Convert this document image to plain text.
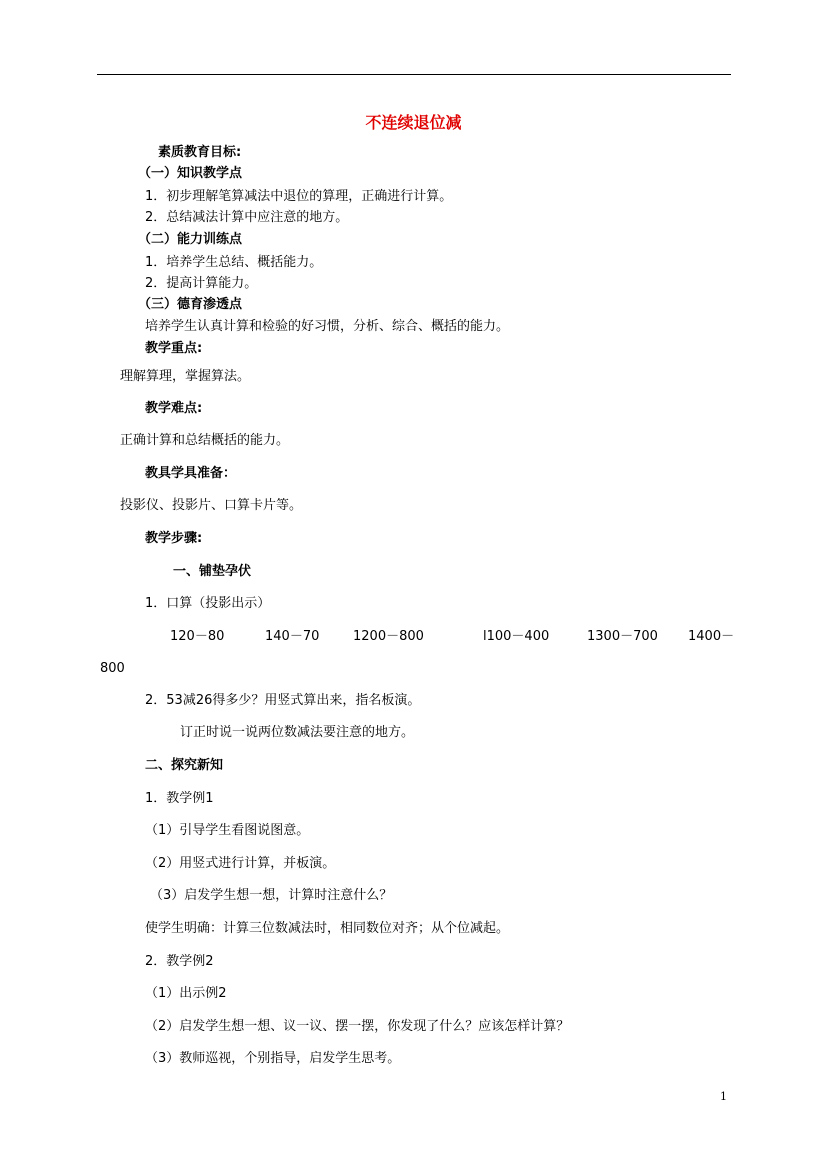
不连续退位减
素质教育目标:
（一）知识教学点
1．初步理解笔算减法中退位的算理，正确进行计算。
2．总结减法计算中应注意的地方。
（二）能力训练点
1．培养学生总结、概括能力。
2．提高计算能力。
（三）德育渗透点
培养学生认真计算和检验的好习惯，分析、综合、概括的能力。
教学重点:
理解算理，掌握算法。
教学难点:
正确计算和总结概括的能力。
教具学具准备：
投影仪、投影片、口算卡片等。
教学步骤:
一、铺垫孕伏
1．口算（投影出示）
120－80	140－70	1200－800	l100－400	1300－700 1400－
800
2．53减26得多少？用竖式算出来，指名板演。
订正时说一说两位数减法要注意的地方。
二、探究新知
1．教学例1
（1）引导学生看图说图意。
（2）用竖式进行计算，并板演。
（3）启发学生想一想，计算时注意什么？
使学生明确：计算三位数减法时，相同数位对齐；从个位减起。
2．教学例2
（1）出示例2
（2）启发学生想一想、议一议、摆一摆，你发现了什么？应该怎样计算？
（3）教师巡视，个别指导，启发学生思考。
1
